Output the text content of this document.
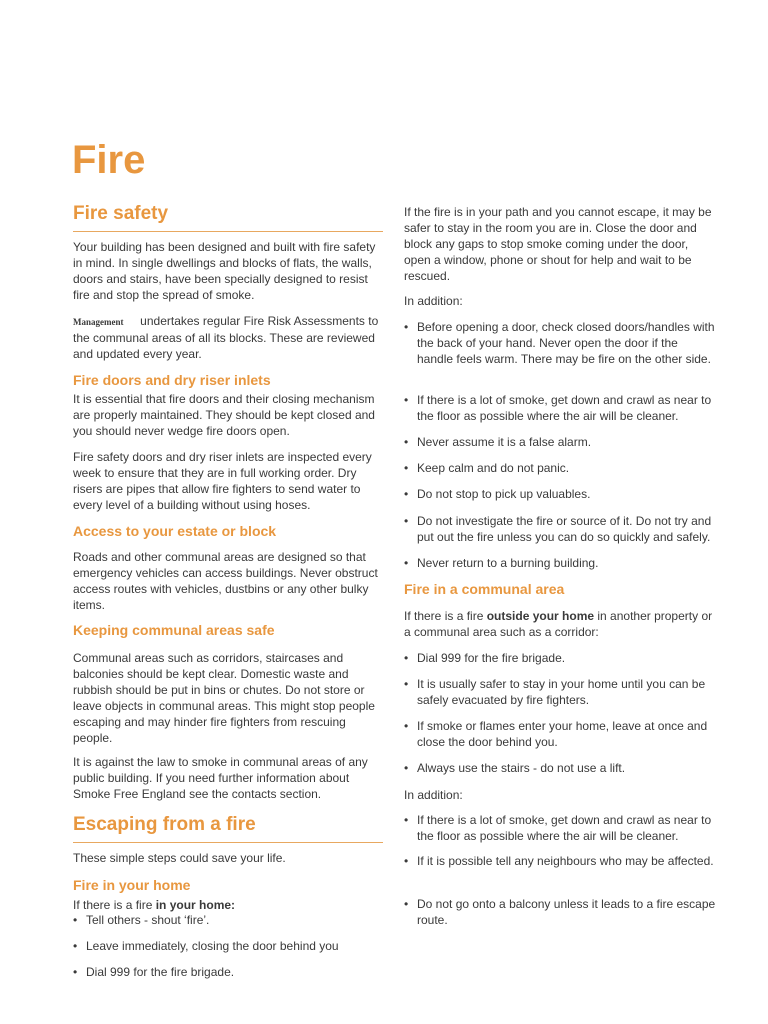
Fire
Fire safety

Your building has been designed and built with fire safety in mind. In single dwellings and blocks of flats, the walls, doors and stairs, have been specially designed to resist fire and stop the spread of smoke.

Management undertakes regular Fire Risk Assessments to the communal areas of all its blocks. These are reviewed and updated every year.

Fire doors and dry riser inlets

It is essential that fire doors and their closing mechanism are properly maintained. They should be kept closed and you should never wedge fire doors open.

Fire safety doors and dry riser inlets are inspected every week to ensure that they are in full working order. Dry risers are pipes that allow fire fighters to send water to every level of a building without using hoses.

Access to your estate or block

Roads and other communal areas are designed so that emergency vehicles can access buildings. Never obstruct access routes with vehicles, dustbins or any other bulky items.

Keeping communal areas safe

Communal areas such as corridors, staircases and balconies should be kept clear. Domestic waste and rubbish should be put in bins or chutes. Do not store or leave objects in communal areas. This might stop people escaping and may hinder fire fighters from rescuing people.

It is against the law to smoke in communal areas of any public building. If you need further information about Smoke Free England see the contacts section.

Escaping from a fire

These simple steps could save your life.

Fire in your home

If there is a fire in your home:

• Tell others - shout ‘fire’.
• Leave immediately, closing the door behind you
• Dial 999 for the fire brigade.

If the fire is in your path and you cannot escape, it may be safer to stay in the room you are in. Close the door and block any gaps to stop smoke coming under the door, open a window, phone or shout for help and wait to be rescued.

In addition:

• Before opening a door, check closed doors/handles with the back of your hand. Never open the door if the handle feels warm. There may be fire on the other side.
• If there is a lot of smoke, get down and crawl as near to the floor as possible where the air will be cleaner.
• Never assume it is a false alarm.
• Keep calm and do not panic.
• Do not stop to pick up valuables.
• Do not investigate the fire or source of it. Do not try and put out the fire unless you can do so quickly and safely.
• Never return to a burning building.
Fire in a communal area

If there is a fire outside your home in another property or a communal area such as a corridor:

• Dial 999 for the fire brigade.
• It is usually safer to stay in your home until you can be safely evacuated by fire fighters.
• If smoke or flames enter your home, leave at once and close the door behind you.
• Always use the stairs - do not use a lift.

In addition:

• If there is a lot of smoke, get down and crawl as near to the floor as possible where the air will be cleaner.
• If it is possible tell any neighbours who may be affected.
• Do not go onto a balcony unless it leads to a fire escape route.
